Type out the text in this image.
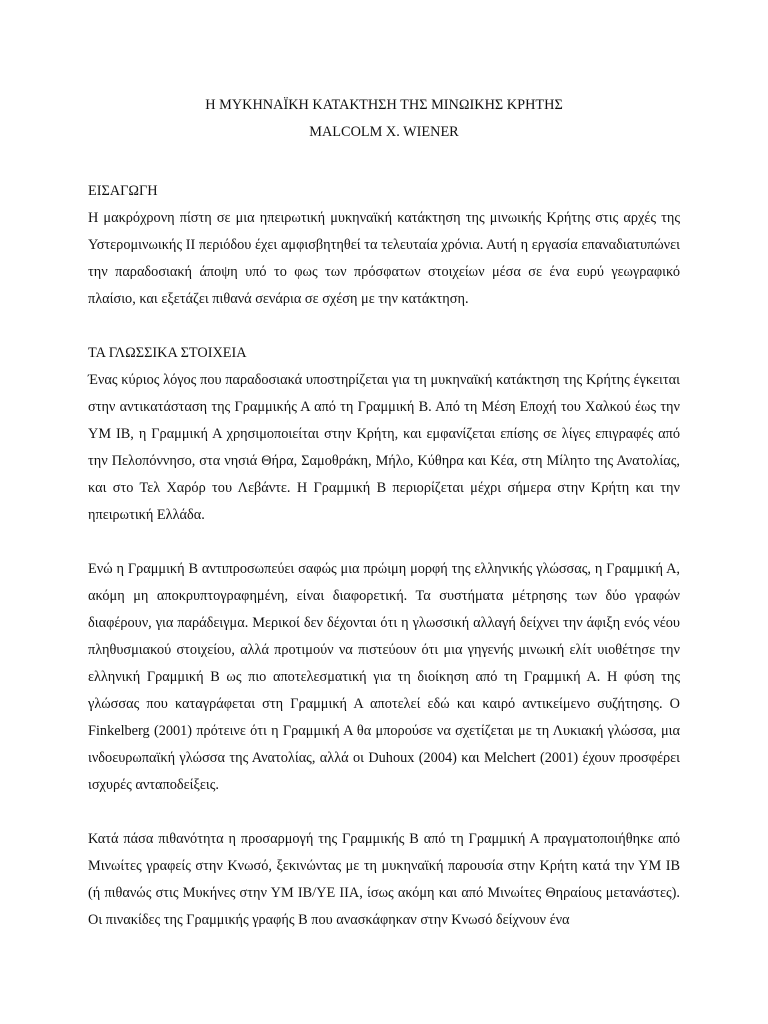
Η ΜΥΚΗΝΑΪΚΗ ΚΑΤΑΚΤΗΣΗ ΤΗΣ ΜΙΝΩΙΚΗΣ ΚΡΗΤΗΣ
MALCOLM X. WIENER
ΕΙΣΑΓΩΓΗ

Η μακρόχρονη πίστη σε μια ηπειρωτική μυκηναϊκή κατάκτηση της μινωικής Κρήτης στις αρχές της Υστερομινωικής ΙΙ περιόδου έχει αμφισβητηθεί τα τελευταία χρόνια. Αυτή η εργασία επαναδιατυπώνει την παραδοσιακή άποψη υπό το φως των πρόσφατων στοιχείων μέσα σε ένα ευρύ γεωγραφικό πλαίσιο, και εξετάζει πιθανά σενάρια σε σχέση με την κατάκτηση.

ΤΑ ΓΛΩΣΣΙΚΑ ΣΤΟΙΧΕΙΑ

Ένας κύριος λόγος που παραδοσιακά υποστηρίζεται για τη μυκηναϊκή κατάκτηση της Κρήτης έγκειται στην αντικατάσταση της Γραμμικής Α από τη Γραμμική Β. Από τη Μέση Εποχή του Χαλκού έως την ΥΜ ΙΒ, η Γραμμική Α χρησιμοποιείται στην Κρήτη, και εμφανίζεται επίσης σε λίγες επιγραφές από την Πελοπόννησο, στα νησιά Θήρα, Σαμοθράκη, Μήλο, Κύθηρα και Κέα, στη Μίλητο της Ανατολίας, και στο Τελ Χαρόρ του Λεβάντε. Η Γραμμική Β περιορίζεται μέχρι σήμερα στην Κρήτη και την ηπειρωτική Ελλάδα.

Ενώ η Γραμμική Β αντιπροσωπεύει σαφώς μια πρώιμη μορφή της ελληνικής γλώσσας, η Γραμμική Α, ακόμη μη αποκρυπτογραφημένη, είναι διαφορετική. Τα συστήματα μέτρησης των δύο γραφών διαφέρουν, για παράδειγμα. Μερικοί δεν δέχονται ότι η γλωσσική αλλαγή δείχνει την άφιξη ενός νέου πληθυσμιακού στοιχείου, αλλά προτιμούν να πιστεύουν ότι μια γηγενής μινωική ελίτ υιοθέτησε την ελληνική Γραμμική Β ως πιο αποτελεσματική για τη διοίκηση από τη Γραμμική Α. Η φύση της γλώσσας που καταγράφεται στη Γραμμική Α αποτελεί εδώ και καιρό αντικείμενο συζήτησης. Ο Finkelberg (2001) πρότεινε ότι η Γραμμική Α θα μπορούσε να σχετίζεται με τη Λυκιακή γλώσσα, μια ινδοευρωπαϊκή γλώσσα της Ανατολίας, αλλά οι Duhoux (2004) και Melchert (2001) έχουν προσφέρει ισχυρές ανταποδείξεις.

Κατά πάσα πιθανότητα η προσαρμογή της Γραμμικής Β από τη Γραμμική Α πραγματοποιήθηκε από Μινωίτες γραφείς στην Κνωσό, ξεκινώντας με τη μυκηναϊκή παρουσία στην Κρήτη κατά την ΥΜ ΙΒ (ή πιθανώς στις Μυκήνες στην ΥΜ ΙΒ/ΥΕ ΙΙΑ, ίσως ακόμη και από Μινωίτες Θηραίους μετανάστες). Οι πινακίδες της Γραμμικής γραφής Β που ανασκάφηκαν στην Κνωσό δείχνουν ένα
